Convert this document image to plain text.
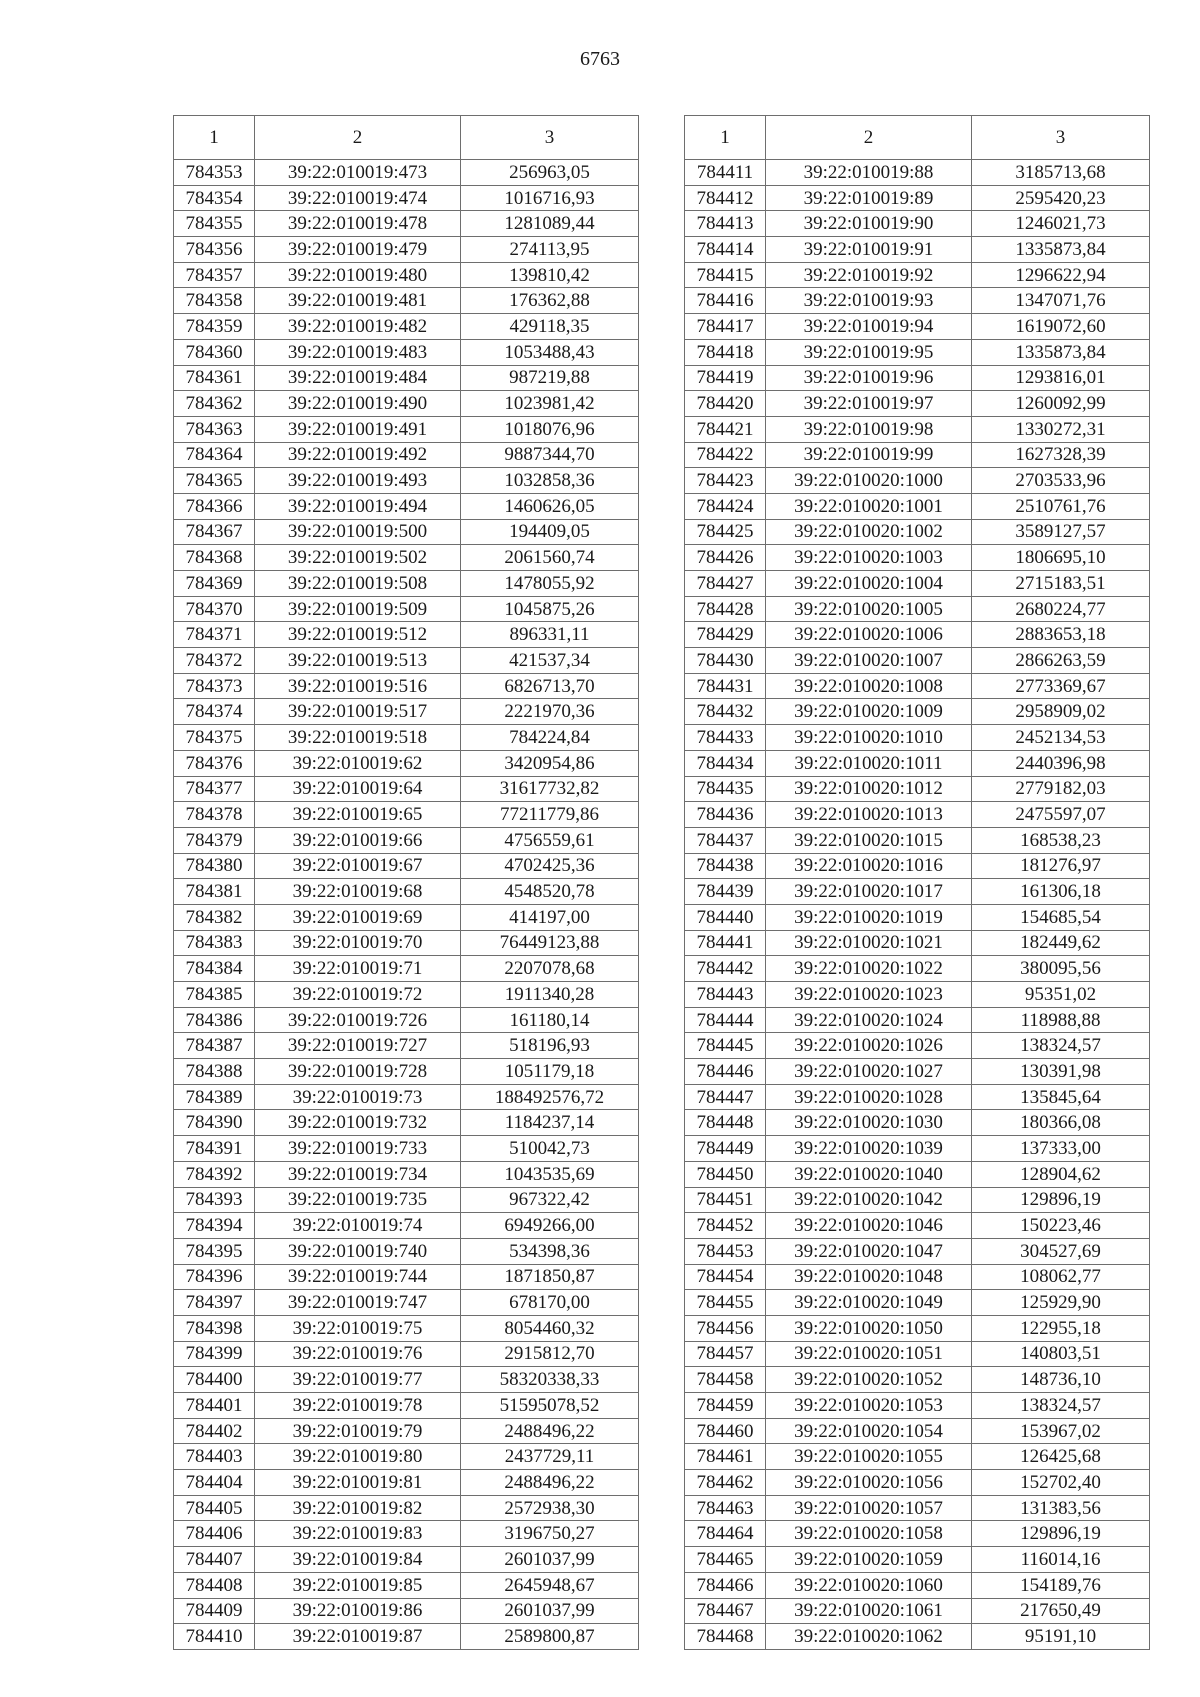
6763
1	2	3
784353	39:22:010019:473	256963,05
784354	39:22:010019:474	1016716,93
784355	39:22:010019:478	1281089,44
784356	39:22:010019:479	274113,95
784357	39:22:010019:480	139810,42
784358	39:22:010019:481	176362,88
784359	39:22:010019:482	429118,35
784360	39:22:010019:483	1053488,43
784361	39:22:010019:484	987219,88
784362	39:22:010019:490	1023981,42
784363	39:22:010019:491	1018076,96
784364	39:22:010019:492	9887344,70
784365	39:22:010019:493	1032858,36
784366	39:22:010019:494	1460626,05
784367	39:22:010019:500	194409,05
784368	39:22:010019:502	2061560,74
784369	39:22:010019:508	1478055,92
784370	39:22:010019:509	1045875,26
784371	39:22:010019:512	896331,11
784372	39:22:010019:513	421537,34
784373	39:22:010019:516	6826713,70
784374	39:22:010019:517	2221970,36
784375	39:22:010019:518	784224,84
784376	39:22:010019:62	3420954,86
784377	39:22:010019:64	31617732,82
784378	39:22:010019:65	77211779,86
784379	39:22:010019:66	4756559,61
784380	39:22:010019:67	4702425,36
784381	39:22:010019:68	4548520,78
784382	39:22:010019:69	414197,00
784383	39:22:010019:70	76449123,88
784384	39:22:010019:71	2207078,68
784385	39:22:010019:72	1911340,28
784386	39:22:010019:726	161180,14
784387	39:22:010019:727	518196,93
784388	39:22:010019:728	1051179,18
784389	39:22:010019:73	188492576,72
784390	39:22:010019:732	1184237,14
784391	39:22:010019:733	510042,73
784392	39:22:010019:734	1043535,69
784393	39:22:010019:735	967322,42
784394	39:22:010019:74	6949266,00
784395	39:22:010019:740	534398,36
784396	39:22:010019:744	1871850,87
784397	39:22:010019:747	678170,00
784398	39:22:010019:75	8054460,32
784399	39:22:010019:76	2915812,70
784400	39:22:010019:77	58320338,33
784401	39:22:010019:78	51595078,52
784402	39:22:010019:79	2488496,22
784403	39:22:010019:80	2437729,11
784404	39:22:010019:81	2488496,22
784405	39:22:010019:82	2572938,30
784406	39:22:010019:83	3196750,27
784407	39:22:010019:84	2601037,99
784408	39:22:010019:85	2645948,67
784409	39:22:010019:86	2601037,99
784410	39:22:010019:87	2589800,87
1	2	3
784411	39:22:010019:88	3185713,68
784412	39:22:010019:89	2595420,23
784413	39:22:010019:90	1246021,73
784414	39:22:010019:91	1335873,84
784415	39:22:010019:92	1296622,94
784416	39:22:010019:93	1347071,76
784417	39:22:010019:94	1619072,60
784418	39:22:010019:95	1335873,84
784419	39:22:010019:96	1293816,01
784420	39:22:010019:97	1260092,99
784421	39:22:010019:98	1330272,31
784422	39:22:010019:99	1627328,39
784423	39:22:010020:1000	2703533,96
784424	39:22:010020:1001	2510761,76
784425	39:22:010020:1002	3589127,57
784426	39:22:010020:1003	1806695,10
784427	39:22:010020:1004	2715183,51
784428	39:22:010020:1005	2680224,77
784429	39:22:010020:1006	2883653,18
784430	39:22:010020:1007	2866263,59
784431	39:22:010020:1008	2773369,67
784432	39:22:010020:1009	2958909,02
784433	39:22:010020:1010	2452134,53
784434	39:22:010020:1011	2440396,98
784435	39:22:010020:1012	2779182,03
784436	39:22:010020:1013	2475597,07
784437	39:22:010020:1015	168538,23
784438	39:22:010020:1016	181276,97
784439	39:22:010020:1017	161306,18
784440	39:22:010020:1019	154685,54
784441	39:22:010020:1021	182449,62
784442	39:22:010020:1022	380095,56
784443	39:22:010020:1023	95351,02
784444	39:22:010020:1024	118988,88
784445	39:22:010020:1026	138324,57
784446	39:22:010020:1027	130391,98
784447	39:22:010020:1028	135845,64
784448	39:22:010020:1030	180366,08
784449	39:22:010020:1039	137333,00
784450	39:22:010020:1040	128904,62
784451	39:22:010020:1042	129896,19
784452	39:22:010020:1046	150223,46
784453	39:22:010020:1047	304527,69
784454	39:22:010020:1048	108062,77
784455	39:22:010020:1049	125929,90
784456	39:22:010020:1050	122955,18
784457	39:22:010020:1051	140803,51
784458	39:22:010020:1052	148736,10
784459	39:22:010020:1053	138324,57
784460	39:22:010020:1054	153967,02
784461	39:22:010020:1055	126425,68
784462	39:22:010020:1056	152702,40
784463	39:22:010020:1057	131383,56
784464	39:22:010020:1058	129896,19
784465	39:22:010020:1059	116014,16
784466	39:22:010020:1060	154189,76
784467	39:22:010020:1061	217650,49
784468	39:22:010020:1062	95191,10
